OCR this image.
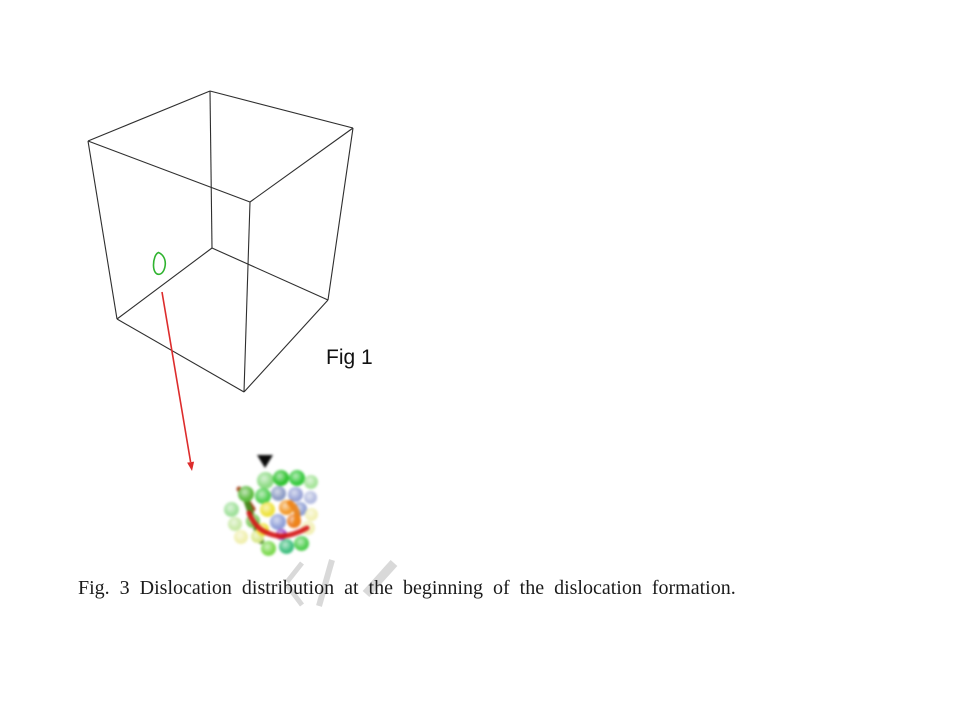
Fig 1
Fig. 3 Dislocation distribution at the beginning of the dislocation formation.
